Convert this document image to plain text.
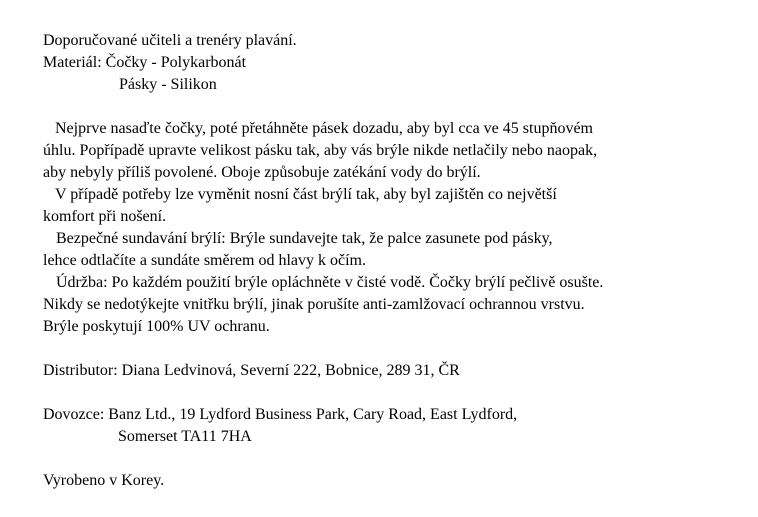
Doporučované učiteli a trenéry plavání.
Materiál: Čočky - Polykarbonát
Pásky - Silikon
Nejprve nasaďte čočky, poté přetáhněte pásek dozadu, aby byl cca ve 45 stupňovém
úhlu. Popřípadě upravte velikost pásku tak, aby vás brýle nikde netlačily nebo naopak,
aby nebyly příliš povolené. Oboje způsobuje zatékání vody do brýlí.
V případě potřeby lze vyměnit nosní část brýlí tak, aby byl zajištěn co největší
komfort při nošení.
Bezpečné sundavání brýlí: Brýle sundavejte tak, že palce zasunete pod pásky,
lehce odtlačíte a sundáte směrem od hlavy k očím.
Údržba: Po každém použití brýle opláchněte v čisté vodě. Čočky brýlí pečlivě osušte.
Nikdy se nedotýkejte vnitřku brýlí, jinak porušíte anti-zamlžovací ochrannou vrstvu.
Brýle poskytují 100% UV ochranu.
Distributor: Diana Ledvinová, Severní 222, Bobnice, 289 31, ČR
Dovozce: Banz Ltd., 19 Lydford Business Park, Cary Road, East Lydford,
Somerset TA11 7HA
Vyrobeno v Korey.
